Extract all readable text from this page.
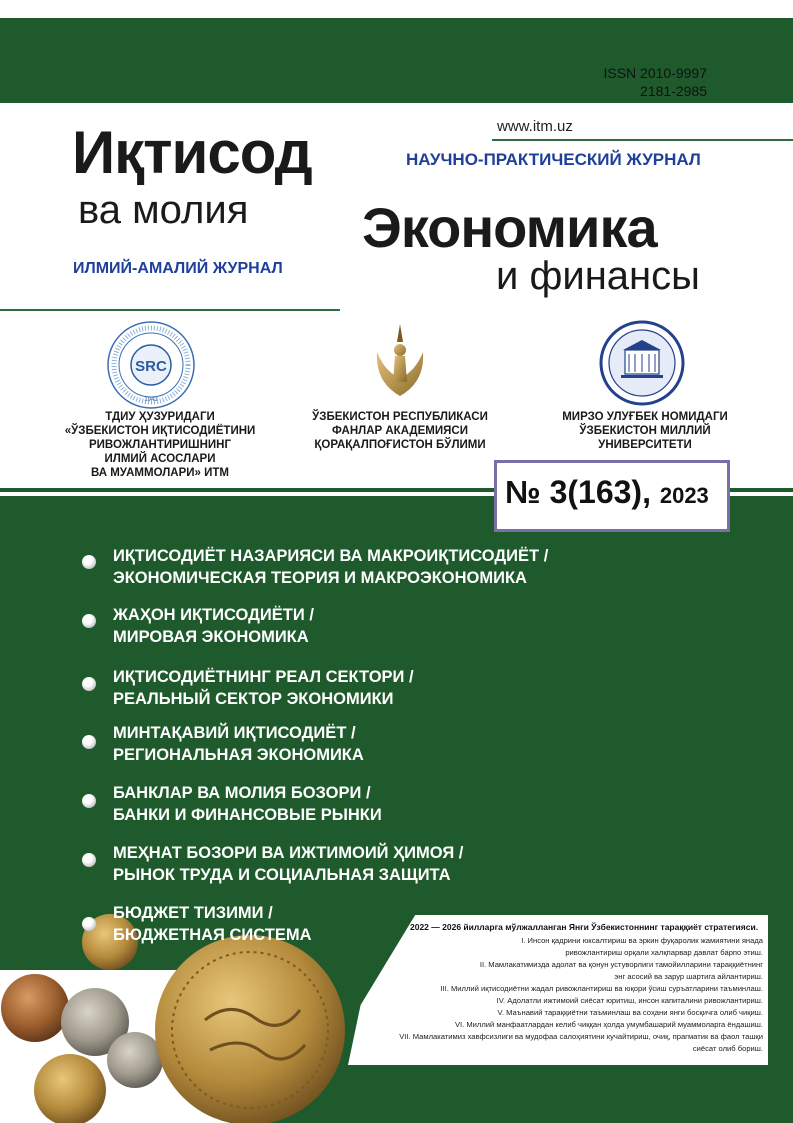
ISSN 2010-9997
2181-2985
www.itm.uz
Иқтисод
ва молия
ИЛМИЙ-АМАЛИЙ ЖУРНАЛ
НАУЧНО-ПРАКТИЧЕСКИЙ ЖУРНАЛ
Экономика
и финансы
SRC
1943
ТДИУ ҲУЗУРИДАГИ
«ЎЗБЕКИСТОН ИҚТИСОДИЁТИНИ
РИВОЖЛАНТИРИШНИНГ
ИЛМИЙ АСОСЛАРИ
ВА МУАММОЛАРИ» ИТМ
ЎЗБЕКИСТОН РЕСПУБЛИКАСИ
ФАНЛАР АКАДЕМИЯСИ
ҚОРАҚАЛПОҒИСТОН БЎЛИМИ
МИРЗО УЛУҒБЕК НОМИДАГИ
ЎЗБЕКИСТОН МИЛЛИЙ
УНИВЕРСИТЕТИ
№ 3(163), 2023
ИҚТИСОДИЁТ НАЗАРИЯСИ ВА МАКРОИҚТИСОДИЁТ /
ЭКОНОМИЧЕСКАЯ ТЕОРИЯ И МАКРОЭКОНОМИКА
ЖАҲОН ИҚТИСОДИЁТИ /
МИРОВАЯ ЭКОНОМИКА
ИҚТИСОДИЁТНИНГ РЕАЛ СЕКТОРИ /
РЕАЛЬНЫЙ СЕКТОР ЭКОНОМИКИ
МИНТАҚАВИЙ ИҚТИСОДИЁТ /
РЕГИОНАЛЬНАЯ ЭКОНОМИКА
БАНКЛАР ВА МОЛИЯ БОЗОРИ /
БАНКИ И ФИНАНСОВЫЕ РЫНКИ
МЕҲНАТ БОЗОРИ ВА ИЖТИМОИЙ ҲИМОЯ /
РЫНОК ТРУДА И СОЦИАЛЬНАЯ ЗАЩИТА
2022 — 2026 йилларга мўлжалланган Янги Ўзбекистоннинг тараққиёт стратегияси.
I. Инсон қадрини юксалтириш ва эркин фуқаролик жамиятини янада
ривожлантириш орқали халқпарвар давлат барпо этиш.
II. Мамлакатимизда адолат ва қонун устуворлиги тамойилларини тараққиётнинг
энг асосий ва зарур шартига айлантириш.
III. Миллий иқтисодиётни жадал ривожлантириш ва юқори ўсиш суръатларини таъминлаш.
IV. Адолатли ижтимоий сиёсат юритиш, инсон капиталини ривожлантириш.
V. Маънавий тараққиётни таъминлаш ва соҳани янги босқичга олиб чиқиш.
VI. Миллий манфаатлардан келиб чиққан ҳолда умумбашарий муаммоларга ёндашиш.
VII. Мамлакатимиз хавфсизлиги ва мудофаа салоҳиятини кучайтириш, очиқ, прагматик ва фаол ташқи
сиёсат олиб бориш.
БЮДЖЕТ ТИЗИМИ /
БЮДЖЕТНАЯ СИСТЕМА
